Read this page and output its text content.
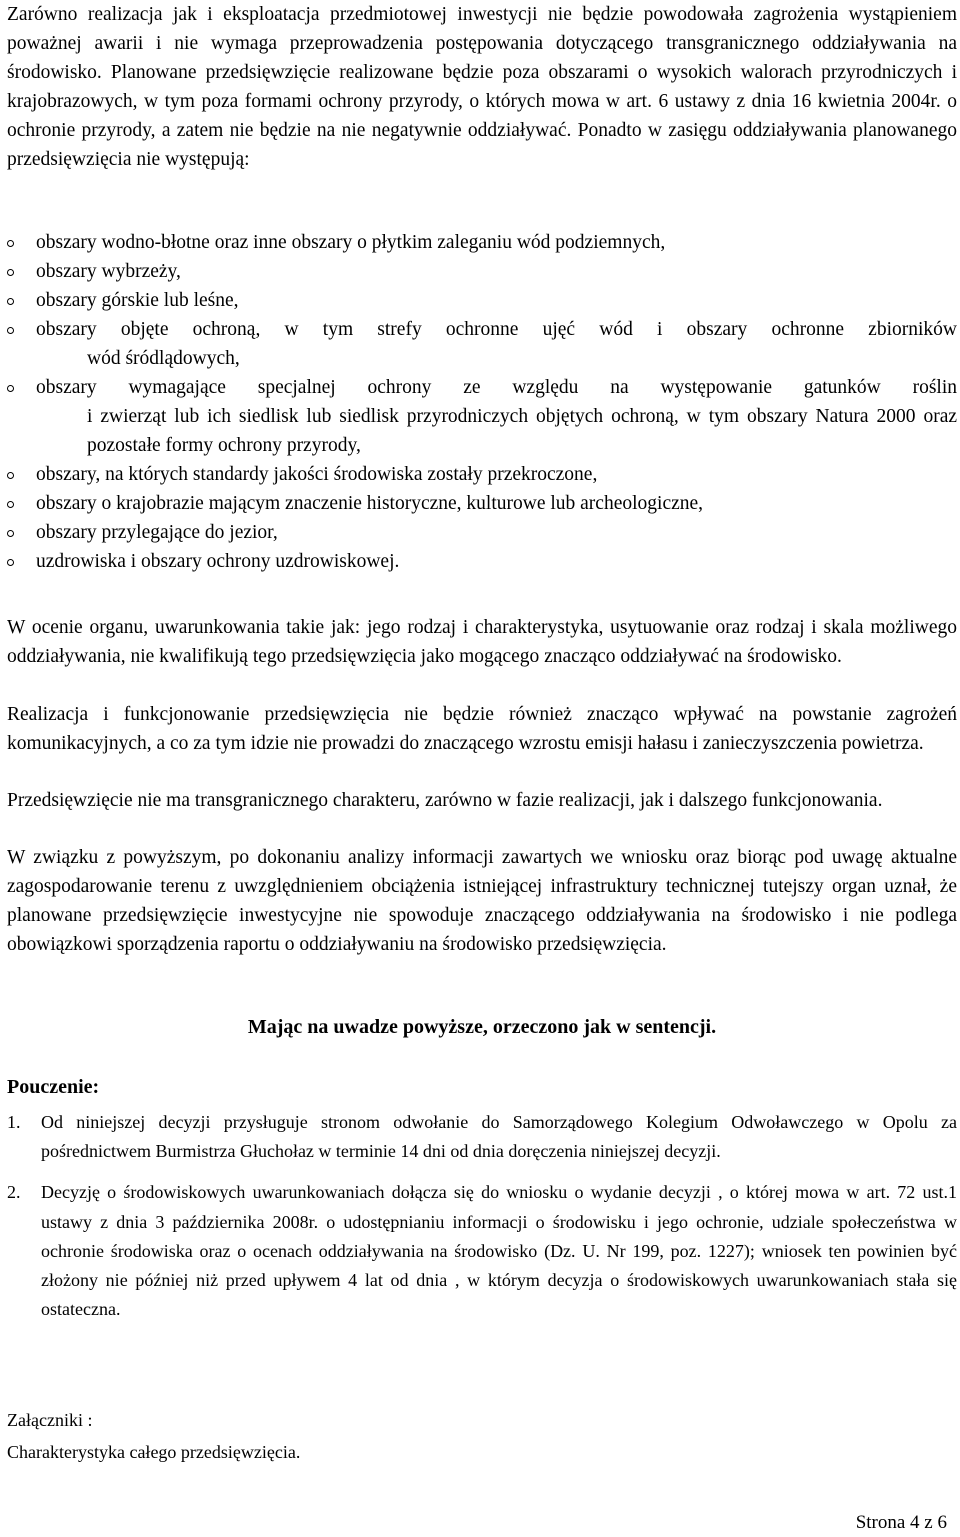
Zarówno realizacja jak i eksploatacja przedmiotowej inwestycji nie będzie powodowała zagrożenia wystąpieniem poważnej awarii i nie wymaga przeprowadzenia postępowania dotyczącego transgranicznego oddziaływania na środowisko. Planowane przedsięwzięcie realizowane będzie poza obszarami o wysokich walorach przyrodniczych i krajobrazowych, w tym poza formami ochrony przyrody, o których mowa w art. 6 ustawy z dnia 16 kwietnia 2004r. o ochronie przyrody, a zatem nie będzie na nie negatywnie oddziaływać. Ponadto w zasięgu oddziaływania planowanego przedsięwzięcia nie występują:

obszary wodno-błotne oraz inne obszary o płytkim zaleganiu wód podziemnych,
obszary wybrzeży,
obszary górskie lub leśne,
obszary objęte ochroną, w tym strefy ochronne ujęć wód i obszary ochronne zbiorników
wód śródlądowych,
obszary wymagające specjalnej ochrony ze względu na występowanie gatunków roślin
i zwierząt lub ich siedlisk lub siedlisk przyrodniczych objętych ochroną, w tym obszary Natura 2000 oraz pozostałe formy ochrony przyrody,
obszary, na których standardy jakości środowiska zostały przekroczone,
obszary o krajobrazie mającym znaczenie historyczne, kulturowe lub archeologiczne,
obszary przylegające do jezior,
uzdrowiska i obszary ochrony uzdrowiskowej.

W ocenie organu, uwarunkowania takie jak: jego rodzaj i charakterystyka, usytuowanie oraz rodzaj i skala możliwego oddziaływania, nie kwalifikują tego przedsięwzięcia jako mogącego znacząco oddziaływać na środowisko.

Realizacja i funkcjonowanie przedsięwzięcia nie będzie również znacząco wpływać na powstanie zagrożeń komunikacyjnych, a co za tym idzie nie prowadzi do znaczącego wzrostu emisji hałasu i zanieczyszczenia powietrza.

Przedsięwzięcie nie ma transgranicznego charakteru, zarówno w fazie realizacji, jak i dalszego funkcjonowania.

W związku z powyższym, po dokonaniu analizy informacji zawartych we wniosku oraz biorąc pod uwagę aktualne zagospodarowanie terenu z uwzględnieniem obciążenia istniejącej infrastruktury technicznej tutejszy organ uznał, że planowane przedsięwzięcie inwestycyjne nie spowoduje znaczącego oddziaływania na środowisko i nie podlega obowiązkowi sporządzenia raportu o oddziaływaniu na środowisko przedsięwzięcia.

Mając na uwadze powyższe, orzeczono jak w sentencji.
Pouczenie:
1. Od niniejszej decyzji przysługuje stronom odwołanie do Samorządowego Kolegium Odwoławczego w Opolu za pośrednictwem Burmistrza Głuchołaz w terminie 14 dni od dnia doręczenia niniejszej decyzji.
2. Decyzję o środowiskowych uwarunkowaniach dołącza się do wniosku o wydanie decyzji , o której mowa w art. 72 ust.1 ustawy z dnia 3 października 2008r. o udostępnianiu informacji o środowisku i jego ochronie, udziale społeczeństwa w ochronie środowiska oraz o ocenach oddziaływania na środowisko (Dz. U. Nr 199, poz. 1227); wniosek ten powinien być złożony nie później niż przed upływem 4 lat od dnia , w którym decyzja o środowiskowych uwarunkowaniach stała się ostateczna.
Załączniki :
Charakterystyka całego przedsięwzięcia.
Strona 4 z 6
